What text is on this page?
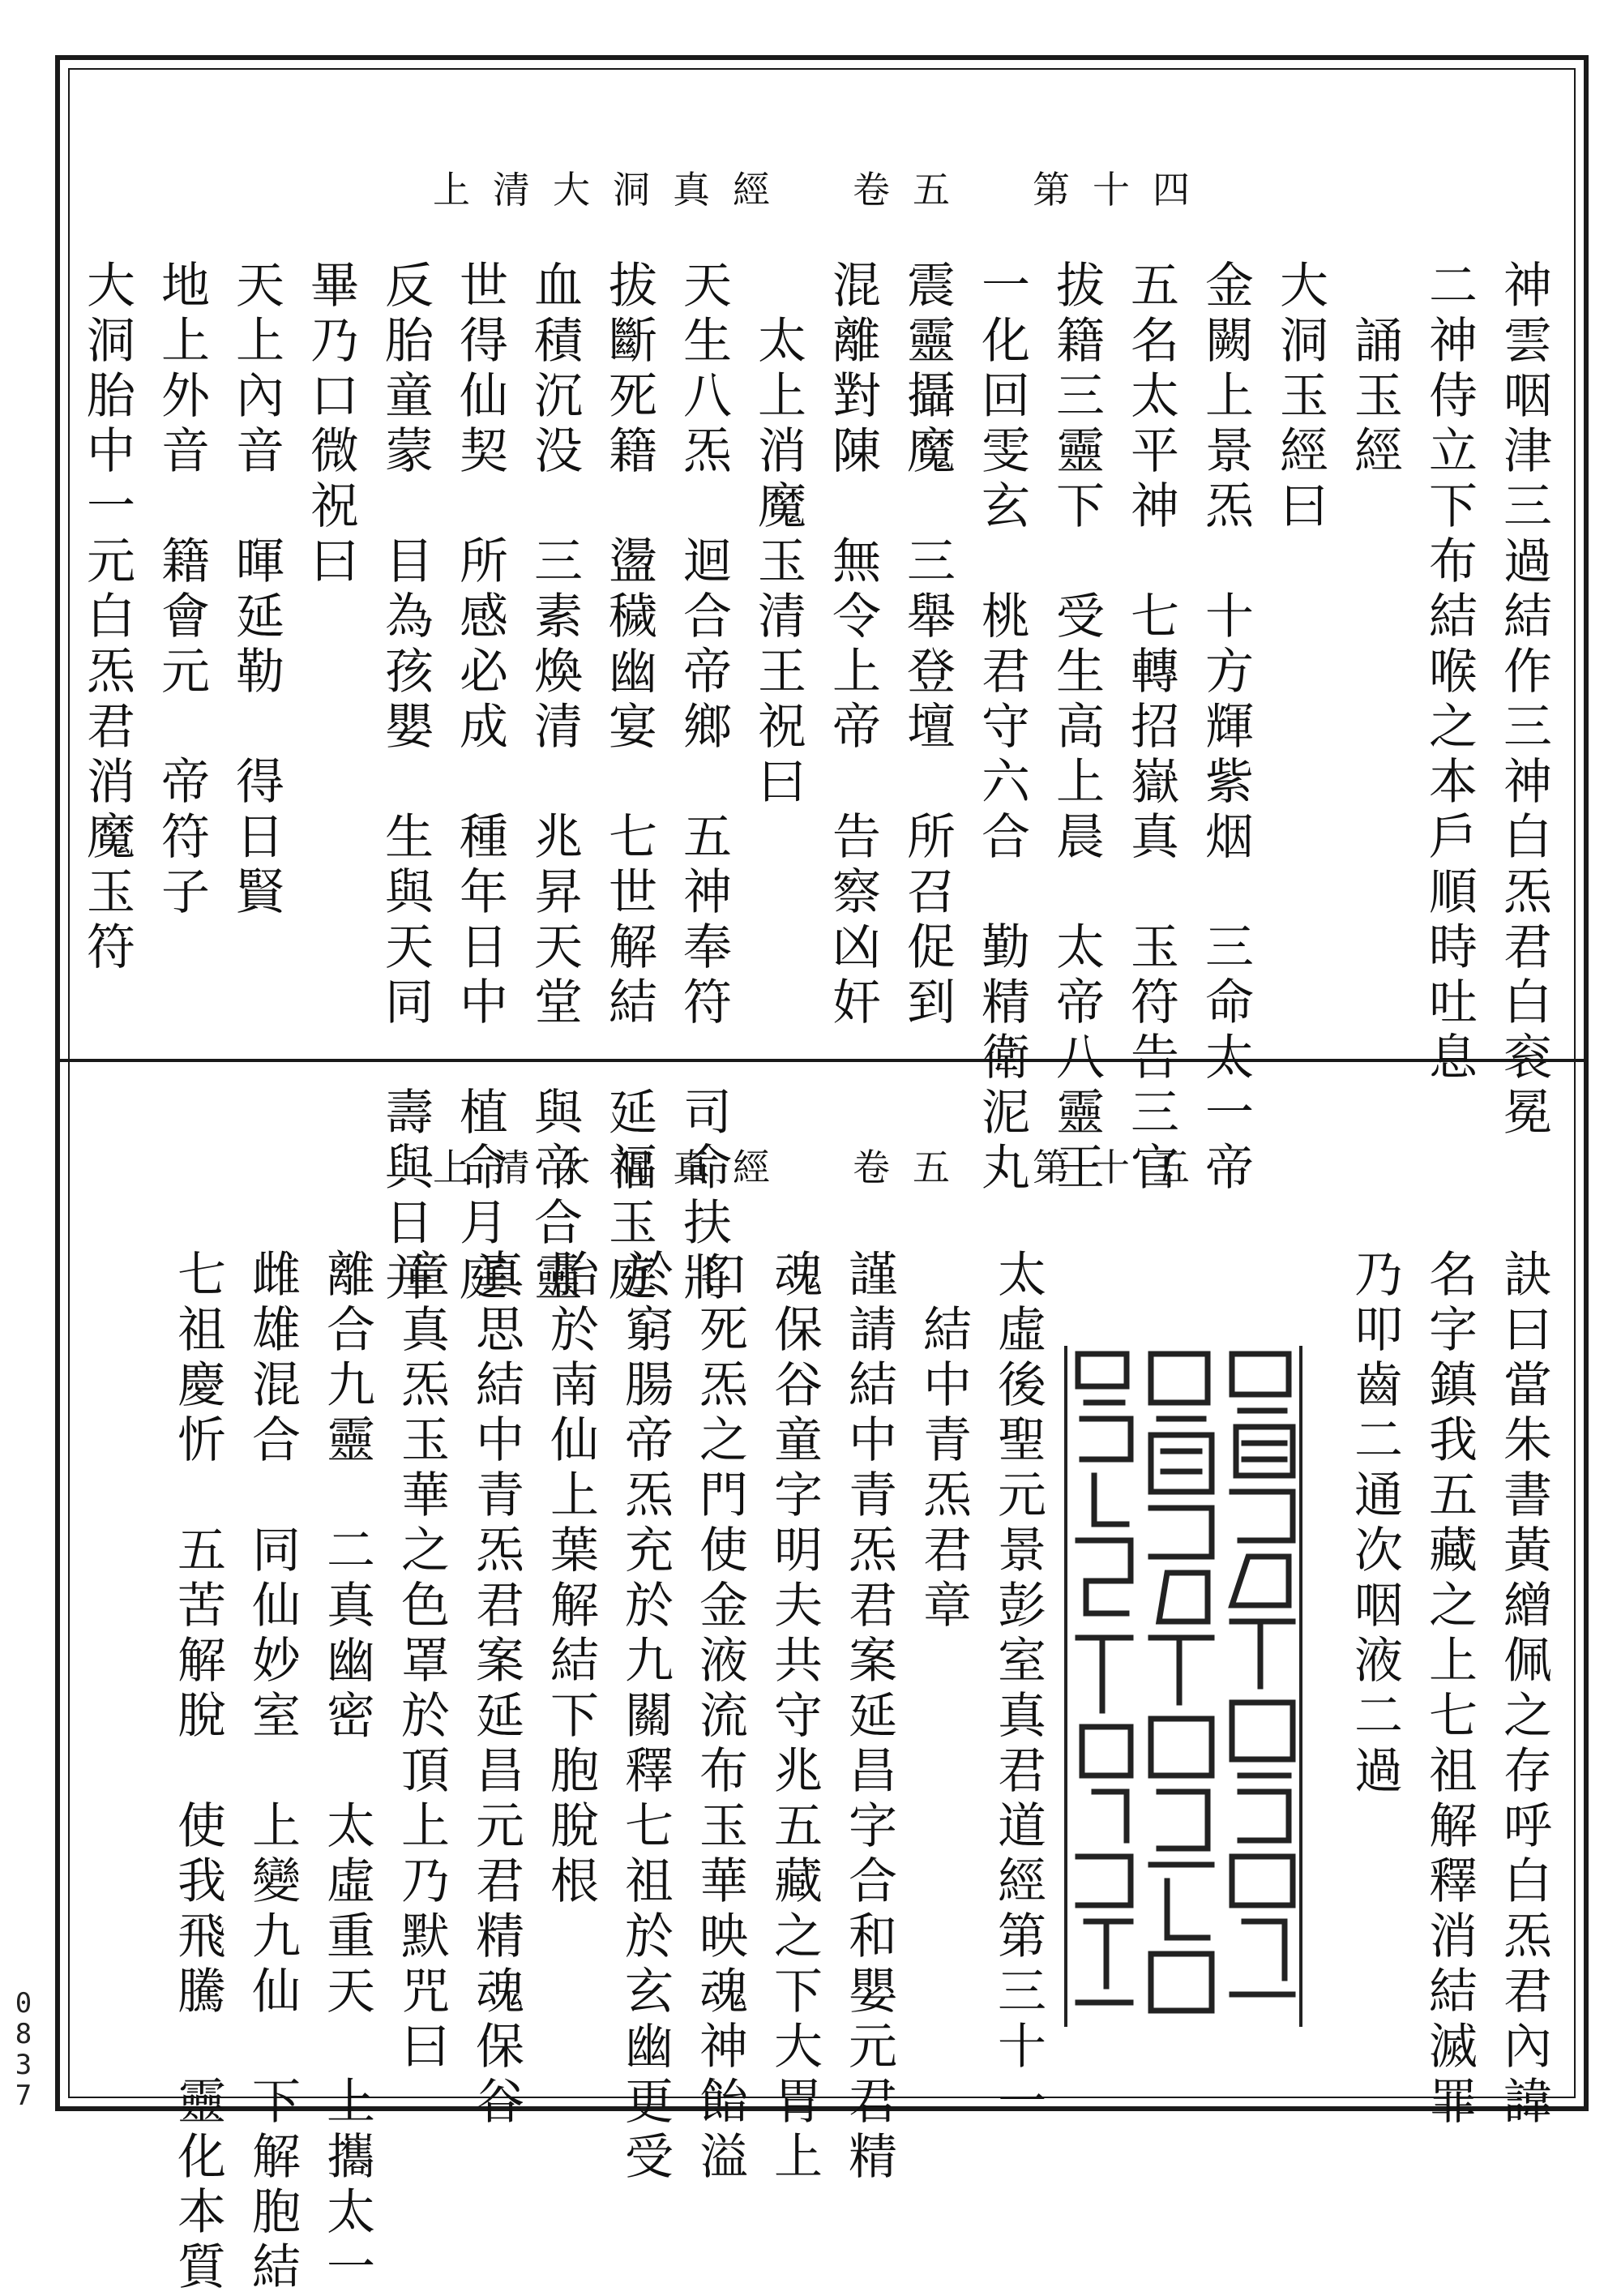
上清大洞真經　卷五　第十四
神雲咽津三過結作三神白炁君白衮冕
二神侍立下布結喉之本戶順時吐息
　誦玉經
大洞玉經曰
金闕上景炁　十方輝紫烟　三命太一帝
五名太平神　七轉招嶽真　玉符告三官
拔籍三靈下　受生高上晨　太帝八靈王
一化回雯玄　桃君守六合　勤精衛泥丸
震靈攝魔　三舉登壇　所召促到
混離對陳　無令上帝　告察凶奸
　太上消魔玉清王祝曰
天生八炁　迴合帝鄉　五神奉符　司命扶將
拔斷死籍　盪穢幽宴　七世解結　延福玉庭
血積沉没　三素煥清　兆昇天堂　與帝合靈
世得仙契　所感必成　種年日中　植命月庭
反胎童蒙　目為孩嬰　生與天同　壽與日并
畢乃口微祝曰
天上內音　暉延勒　得日賢
地上外音　籍會元　帝符子
大洞胎中一元白炁君消魔玉符
上清大洞真經　卷五　第十五
訣曰當朱書黃繒佩之存呼白炁君內諱
名字鎮我五藏之上七祖解釋消結滅罪
乃叩齒二通次咽液二過
太虛後聖元景彭室真君道經第三十一
　結中青炁君章
謹請結中青炁君案延昌字合和嬰元君精
魂保谷童字明夫共守兆五藏之下大胃上
口死炁之門使金液流布玉華映魂神飴溢
於窮腸帝炁充於九關釋七祖於玄幽更受
胎於南仙上葉解結下胞脫根
真思結中青炁君案延昌元君精魂保谷
童真炁玉華之色罩於頂上乃默咒曰
離合九靈　二真幽密　太虛重天　上攜太一
雌雄混合　同仙妙室　上變九仙　下解胞結
七祖慶忻　五苦解脫　使我飛騰　靈化本質
0837
